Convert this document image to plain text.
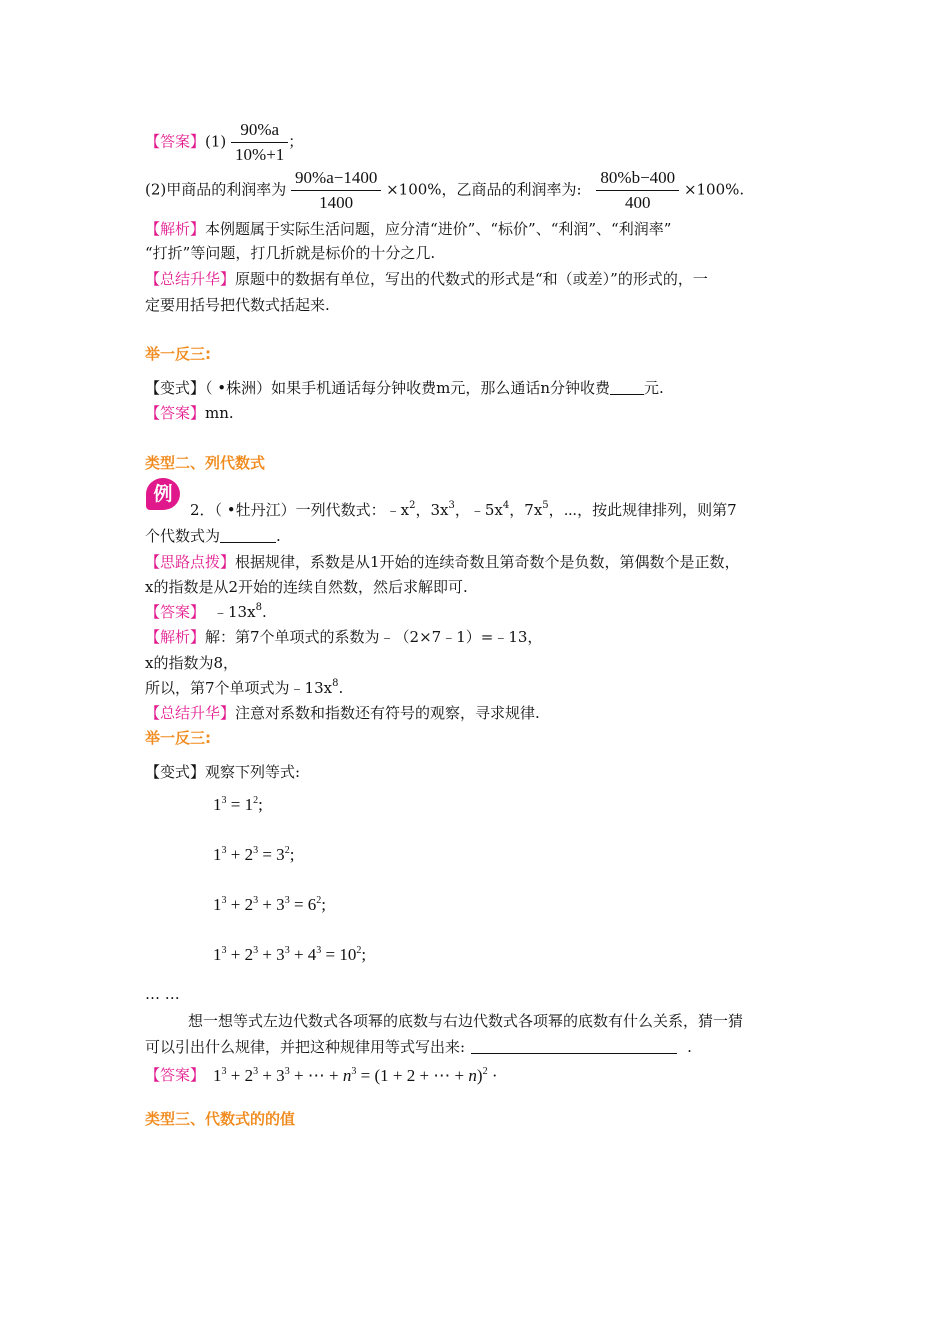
【答案】$(1) \frac{90\%a}{10\%+1}$ ；
(2)甲商品的利润率为 $\frac{90\%a-1400}{1400} \times 100\%$，乙商品的利润率为: $\frac{80\%b-400}{400} \times 100\%$.
【解析】本例题属于实际生活问题，应分清“进价”、“标价”、“利润”、“利润率”
“打折”等问题，打几折就是标价的十分之几.
【总结升华】原题中的数据有单位，写出的代数式的形式是“和（或差）”的形式的，一
定要用括号把代数式括起来.
举一反三:
【变式】（ •株洲）如果手机通话每分钟收费m元，那么通话n分钟收费 元.
【答案】mn.
类型二、列代数式
例
2．（ •牡丹江）一列代数式：$﹣x^2$，$3x^3$，$﹣5x^4$，$7x^5$，⋯，按此规律排列，则第7
个代数式为	.
【思路点拨】根据规律，系数是从1开始的连续奇数且第奇数个是负数，第偶数个是正数，
x的指数是从2开始的连续自然数，然后求解即可.
【答案】 $﹣13x^8$.
【解析】解：第7个单项式的系数为﹣（2×7﹣1）=﹣13，
x的指数为8，
所以，第7个单项式为$﹣13x^8$.
【总结升华】注意对系数和指数还有符号的观察，寻求规律.
举一反三:
【变式】观察下列等式:
$1^3 = 1^2$;
$1^3 + 2^3 = 3^2$;
$1^3 + 2^3 + 3^3 = 6^2$;
$1^3 + 2^3 + 3^3 + 4^3 = 10^2$;
… …
想一想等式左边代数式各项幂的底数与右边代数式各项幂的底数有什么关系，猜一猜
可以引出什么规律，并把这种规律用等式写出来:	.
【答案】 $1^3 + 2^3 + 3^3$ + ⋯ + $n^3 = (1 + 2$ + ⋯ + n)$^2$ ·
类型三、代数式的的值
